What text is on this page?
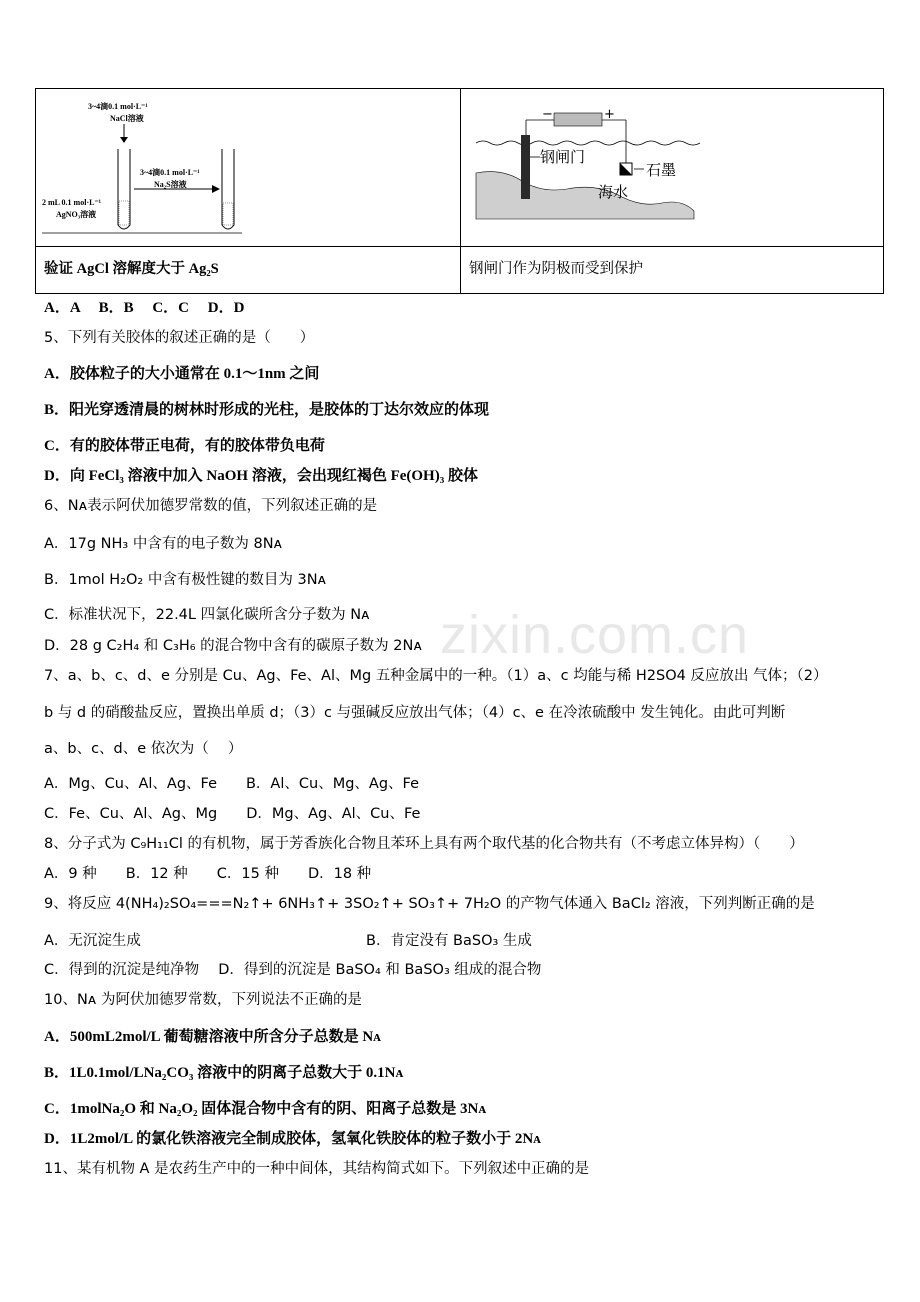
zixin.com.cn
3~4滴0.1 mol·L⁻¹
NaCl溶液
3~4滴0.1 mol·L⁻¹
Na₂S溶液
2 mL 0.1 mol·L⁻¹
AgNO₃溶液
−	+
钢闸门
石墨
海水
验证 AgCl 溶解度大于 Ag₂S	钢闸门作为阴极而受到保护
A．A　 B．B　 C．C　 D．D
5、下列有关胶体的叙述正确的是（　　）
A．胶体粒子的大小通常在 0.1～1nm 之间
B．阳光穿透清晨的树林时形成的光柱，是胶体的丁达尔效应的体现
C．有的胶体带正电荷，有的胶体带负电荷
D．向 FeCl₃ 溶液中加入 NaOH 溶液，会出现红褐色 Fe(OH)₃ 胶体
6、Nᴀ表示阿伏加德罗常数的值，下列叙述正确的是
A．17g NH₃ 中含有的电子数为 8Nᴀ
B．1mol H₂O₂ 中含有极性键的数目为 3Nᴀ
C．标准状况下，22.4L 四氯化碳所含分子数为 Nᴀ
D．28 g C₂H₄ 和 C₃H₆ 的混合物中含有的碳原子数为 2Nᴀ
7、a、b、c、d、e 分别是 Cu、Ag、Fe、Al、Mg 五种金属中的一种。（1）a、c 均能与稀 H2SO4 反应放出 气体；（2）
b 与 d 的硝酸盐反应，置换出单质 d；（3）c 与强碱反应放出气体；（4）c、e 在冷浓硫酸中 发生钝化。由此可判断
a、b、c、d、e 依次为（　 ）
A．Mg、Cu、Al、Ag、Fe　　B．Al、Cu、Mg、Ag、Fe
C．Fe、Cu、Al、Ag、Mg　　D．Mg、Ag、Al、Cu、Fe
8、分子式为 C₉H₁₁Cl 的有机物，属于芳香族化合物且苯环上具有两个取代基的化合物共有（不考虑立体异构）（　　）
A．9 种　　B．12 种　　C．15 种　　D．18 种
9、将反应 4(NH₄)₂SO₄===N₂↑+ 6NH₃↑+ 3SO₂↑+ SO₃↑+ 7H₂O 的产物气体通入 BaCl₂ 溶液，下列判断正确的是
A．无沉淀生成	B．肯定没有 BaSO₃ 生成
C．得到的沉淀是纯净物　 D．得到的沉淀是 BaSO₄ 和 BaSO₃ 组成的混合物
10、Nᴀ 为阿伏加德罗常数，下列说法不正确的是
A．500mL2mol/L 葡萄糖溶液中所含分子总数是 Nᴀ
B．1L0.1mol/LNa₂CO₃ 溶液中的阴离子总数大于 0.1Nᴀ
C．1molNa₂O 和 Na₂O₂ 固体混合物中含有的阴、阳离子总数是 3Nᴀ
D．1L2mol/L 的氯化铁溶液完全制成胶体，氢氧化铁胶体的粒子数小于 2Nᴀ
11、某有机物 A 是农药生产中的一种中间体，其结构简式如下。下列叙述中正确的是
